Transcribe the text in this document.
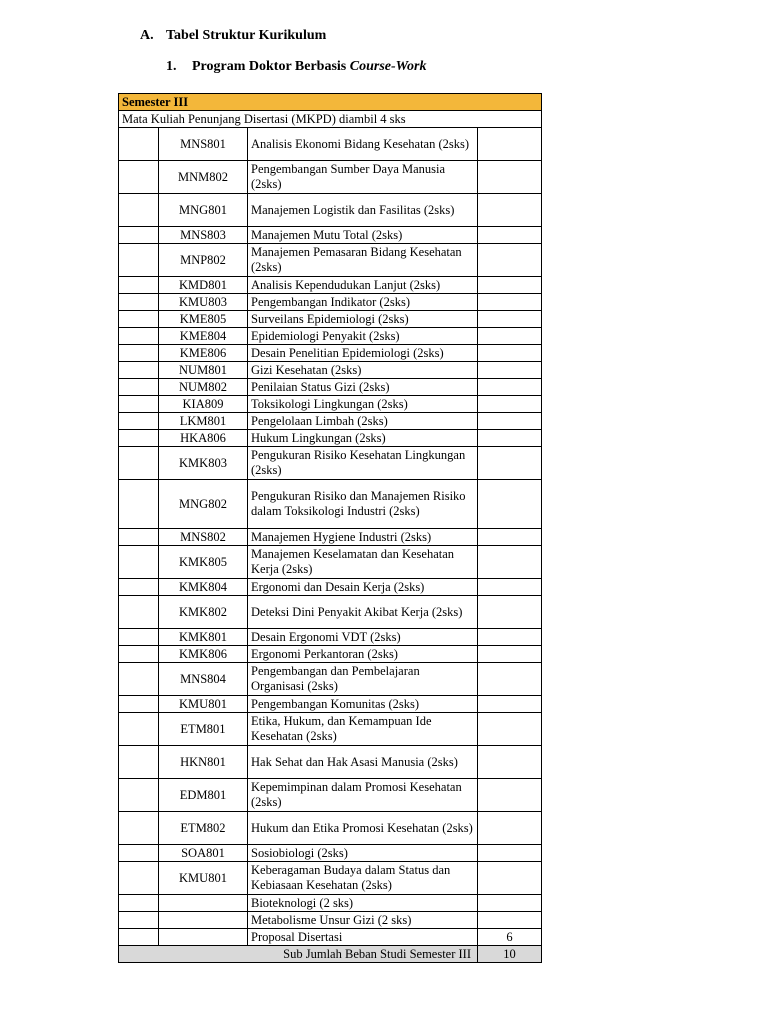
A. Tabel Struktur Kurikulum
1. Program Doktor Berbasis Course-Work
Semester III			
Mata Kuliah Penunjang Disertasi (MKPD) diambil 4 sks			
	MNS801	Analisis Ekonomi Bidang Kesehatan (2sks)	
	MNM802	Pengembangan Sumber Daya Manusia (2sks)	
	MNG801	Manajemen Logistik dan Fasilitas (2sks)	
	MNS803	Manajemen Mutu Total (2sks)	
	MNP802	Manajemen Pemasaran Bidang Kesehatan (2sks)	
	KMD801	Analisis Kependudukan Lanjut (2sks)	
	KMU803	Pengembangan Indikator (2sks)	
	KME805	Surveilans Epidemiologi (2sks)	
	KME804	Epidemiologi Penyakit (2sks)	
	KME806	Desain Penelitian Epidemiologi (2sks)	
	NUM801	Gizi Kesehatan (2sks)	
	NUM802	Penilaian Status Gizi (2sks)	
	KIA809	Toksikologi Lingkungan (2sks)	
	LKM801	Pengelolaan Limbah (2sks)	
	HKA806	Hukum Lingkungan (2sks)	
	KMK803	Pengukuran Risiko Kesehatan Lingkungan (2sks)	
	MNG802	Pengukuran Risiko dan Manajemen Risiko dalam Toksikologi Industri (2sks)	
	MNS802	Manajemen Hygiene Industri (2sks)	
	KMK805	Manajemen Keselamatan dan Kesehatan Kerja (2sks)	
	KMK804	Ergonomi dan Desain Kerja (2sks)	
	KMK802	Deteksi Dini Penyakit Akibat Kerja (2sks)	
	KMK801	Desain Ergonomi VDT (2sks)	
	KMK806	Ergonomi Perkantoran (2sks)	
	MNS804	Pengembangan dan Pembelajaran Organisasi (2sks)	
	KMU801	Pengembangan Komunitas (2sks)	
	ETM801	Etika, Hukum, dan Kemampuan Ide Kesehatan (2sks)	
	HKN801	Hak Sehat dan Hak Asasi Manusia (2sks)	
	EDM801	Kepemimpinan dalam Promosi Kesehatan (2sks)	
	ETM802	Hukum dan Etika Promosi Kesehatan (2sks)	
	SOA801	Sosiobiologi (2sks)	
	KMU801	Keberagaman Budaya dalam Status dan Kebiasaan Kesehatan (2sks)	
		Bioteknologi (2 sks)	
		Metabolisme Unsur Gizi (2 sks)	
		Proposal Disertasi	6
Sub Jumlah Beban Studi Semester III			10
